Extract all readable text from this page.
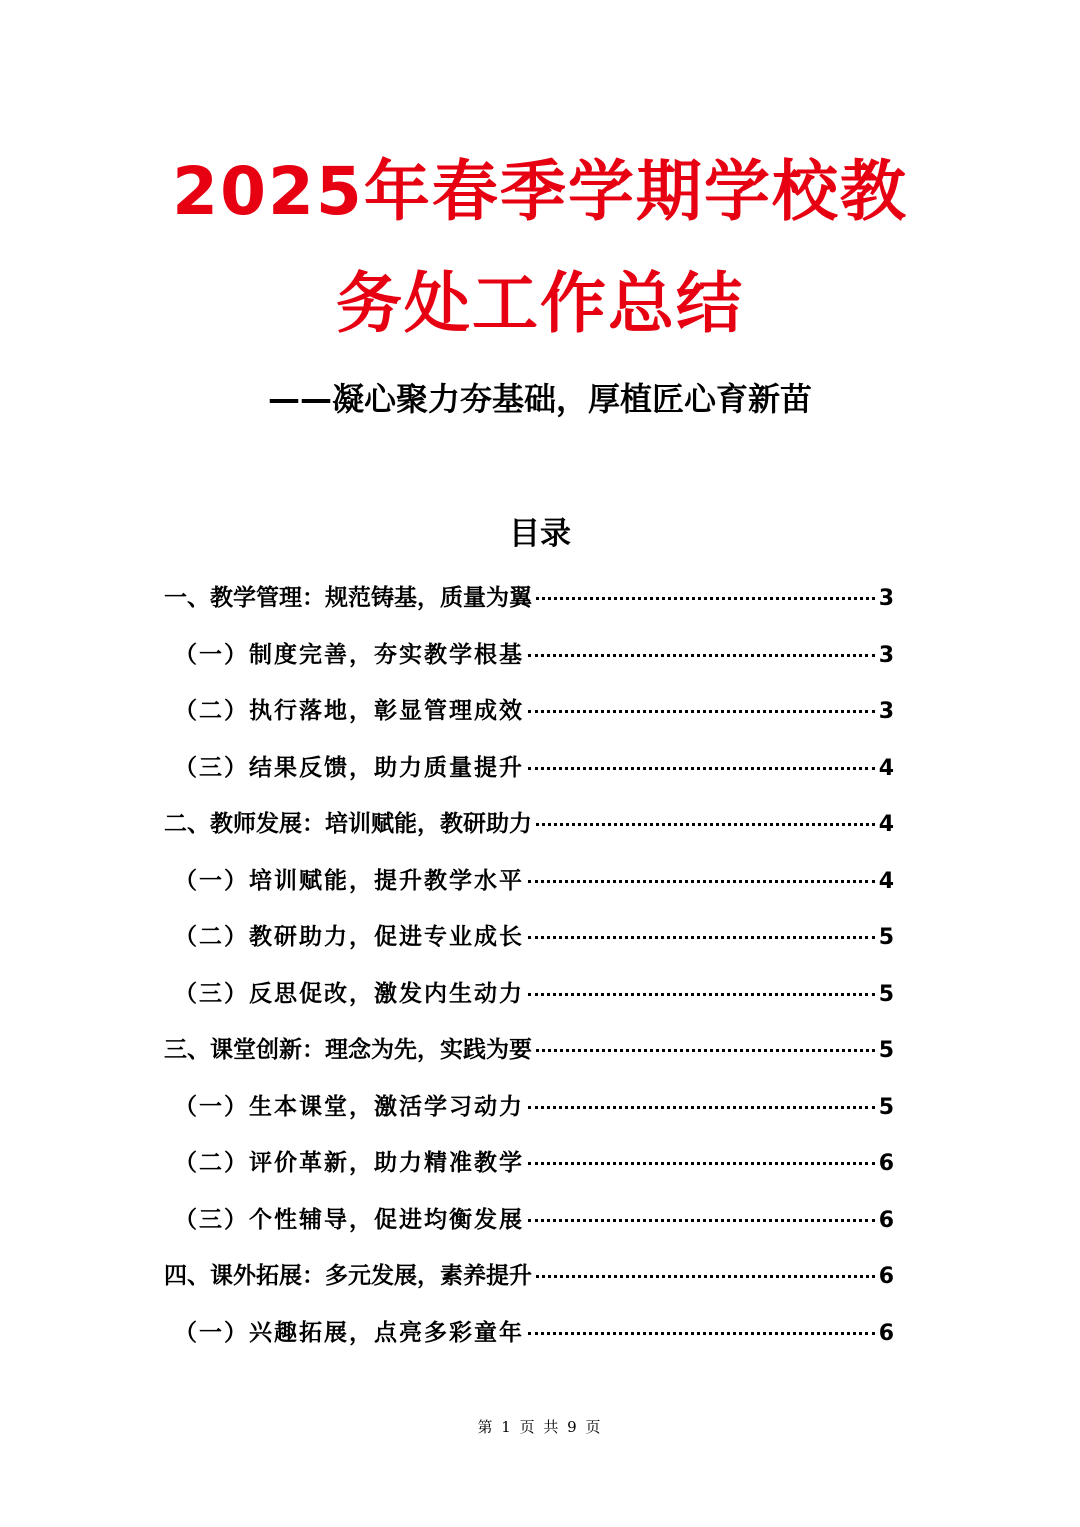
2025年春季学期学校教
务处工作总结
——凝心聚力夯基础，厚植匠心育新苗
目录
一、教学管理：规范铸基，质量为翼	3
（一）制度完善，夯实教学根基	3
（二）执行落地，彰显管理成效	3
（三）结果反馈，助力质量提升	4
二、教师发展：培训赋能，教研助力	4
（一）培训赋能，提升教学水平	4
（二）教研助力，促进专业成长	5
（三）反思促改，激发内生动力	5
三、课堂创新：理念为先，实践为要	5
（一）生本课堂，激活学习动力	5
（二）评价革新，助力精准教学	6
（三）个性辅导，促进均衡发展	6
四、课外拓展：多元发展，素养提升	6
（一）兴趣拓展，点亮多彩童年	6
第 1 页 共 9 页
